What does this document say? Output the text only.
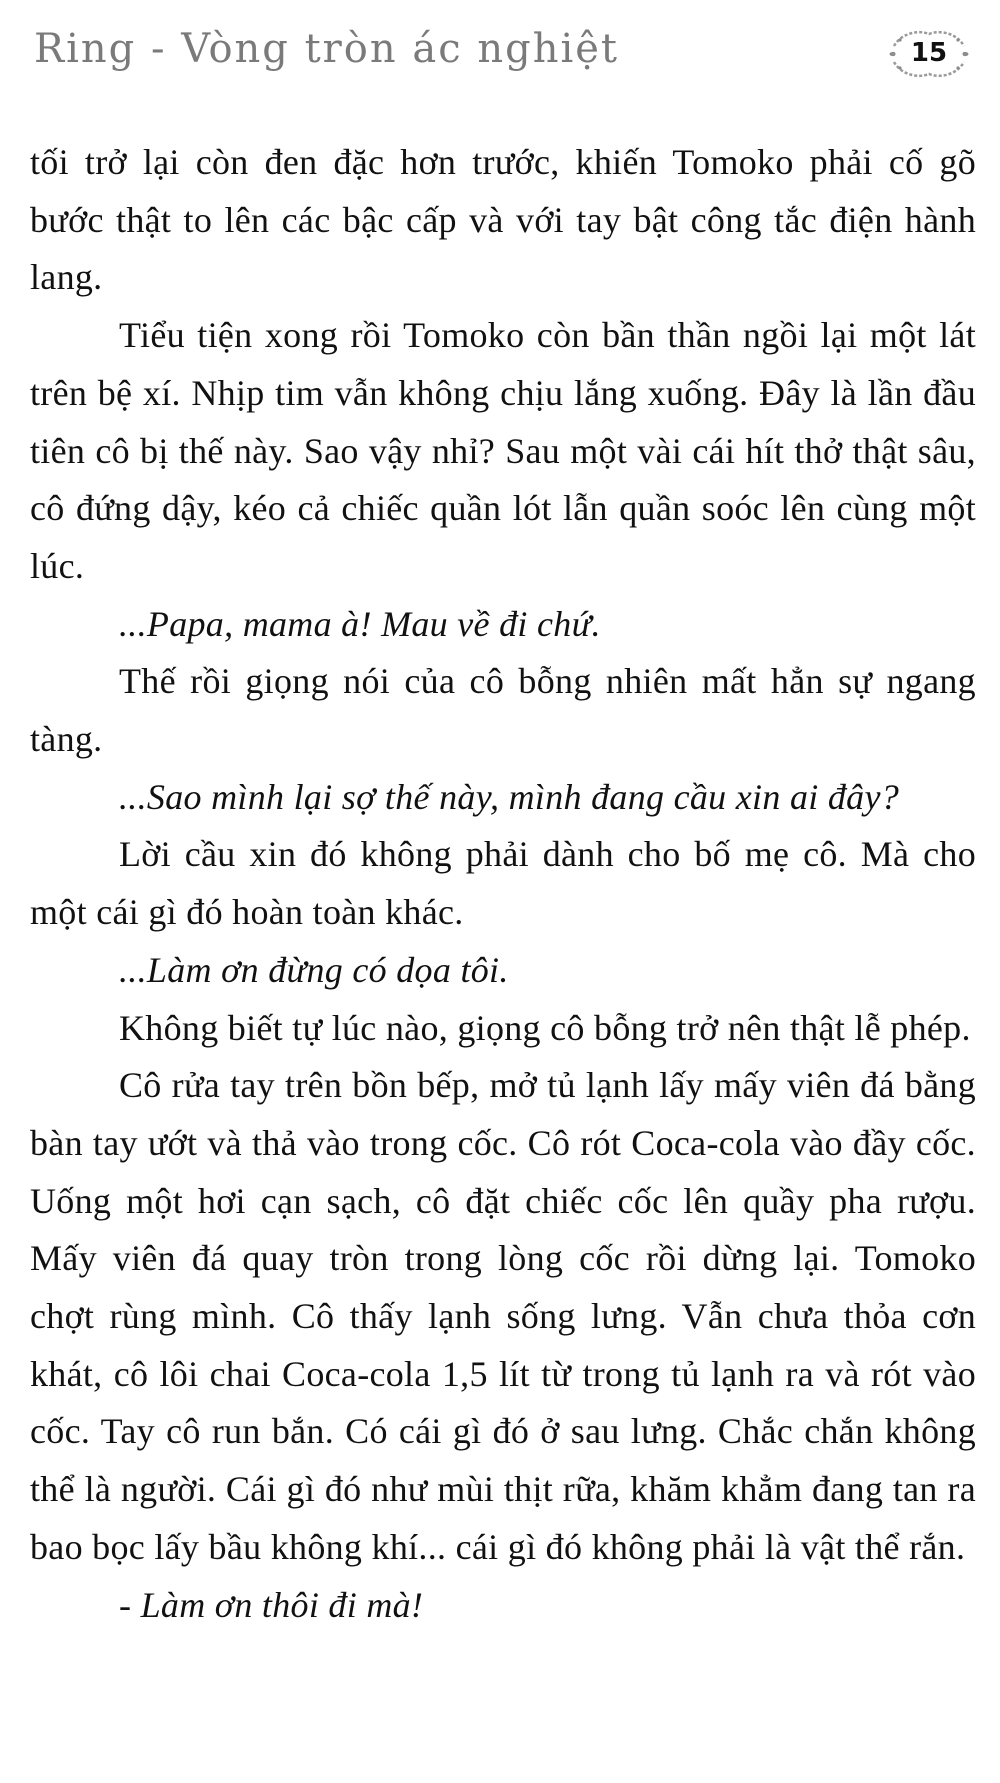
Ring - Vòng tròn ác nghiệt	15

tối trở lại còn đen đặc hơn trước, khiến Tomoko phải cố gõ bước thật to lên các bậc cấp và với tay bật công tắc điện hành lang.

Tiểu tiện xong rồi Tomoko còn bần thần ngồi lại một lát trên bệ xí. Nhịp tim vẫn không chịu lắng xuống. Đây là lần đầu tiên cô bị thế này. Sao vậy nhỉ? Sau một vài cái hít thở thật sâu, cô đứng dậy, kéo cả chiếc quần lót lẫn quần soóc lên cùng một lúc.

...Papa, mama à! Mau về đi chứ.

Thế rồi giọng nói của cô bỗng nhiên mất hẳn sự ngang tàng.

...Sao mình lại sợ thế này, mình đang cầu xin ai đây?

Lời cầu xin đó không phải dành cho bố mẹ cô. Mà cho một cái gì đó hoàn toàn khác.

...Làm ơn đừng có dọa tôi.

Không biết tự lúc nào, giọng cô bỗng trở nên thật lễ phép.

Cô rửa tay trên bồn bếp, mở tủ lạnh lấy mấy viên đá bằng bàn tay ướt và thả vào trong cốc. Cô rót Coca-cola vào đầy cốc. Uống một hơi cạn sạch, cô đặt chiếc cốc lên quầy pha rượu. Mấy viên đá quay tròn trong lòng cốc rồi dừng lại. Tomoko chợt rùng mình. Cô thấy lạnh sống lưng. Vẫn chưa thỏa cơn khát, cô lôi chai Coca-cola 1,5 lít từ trong tủ lạnh ra và rót vào cốc. Tay cô run bắn. Có cái gì đó ở sau lưng. Chắc chắn không thể là người. Cái gì đó như mùi thịt rữa, khăm khẳm đang tan ra bao bọc lấy bầu không khí... cái gì đó không phải là vật thể rắn.

- Làm ơn thôi đi mà!
